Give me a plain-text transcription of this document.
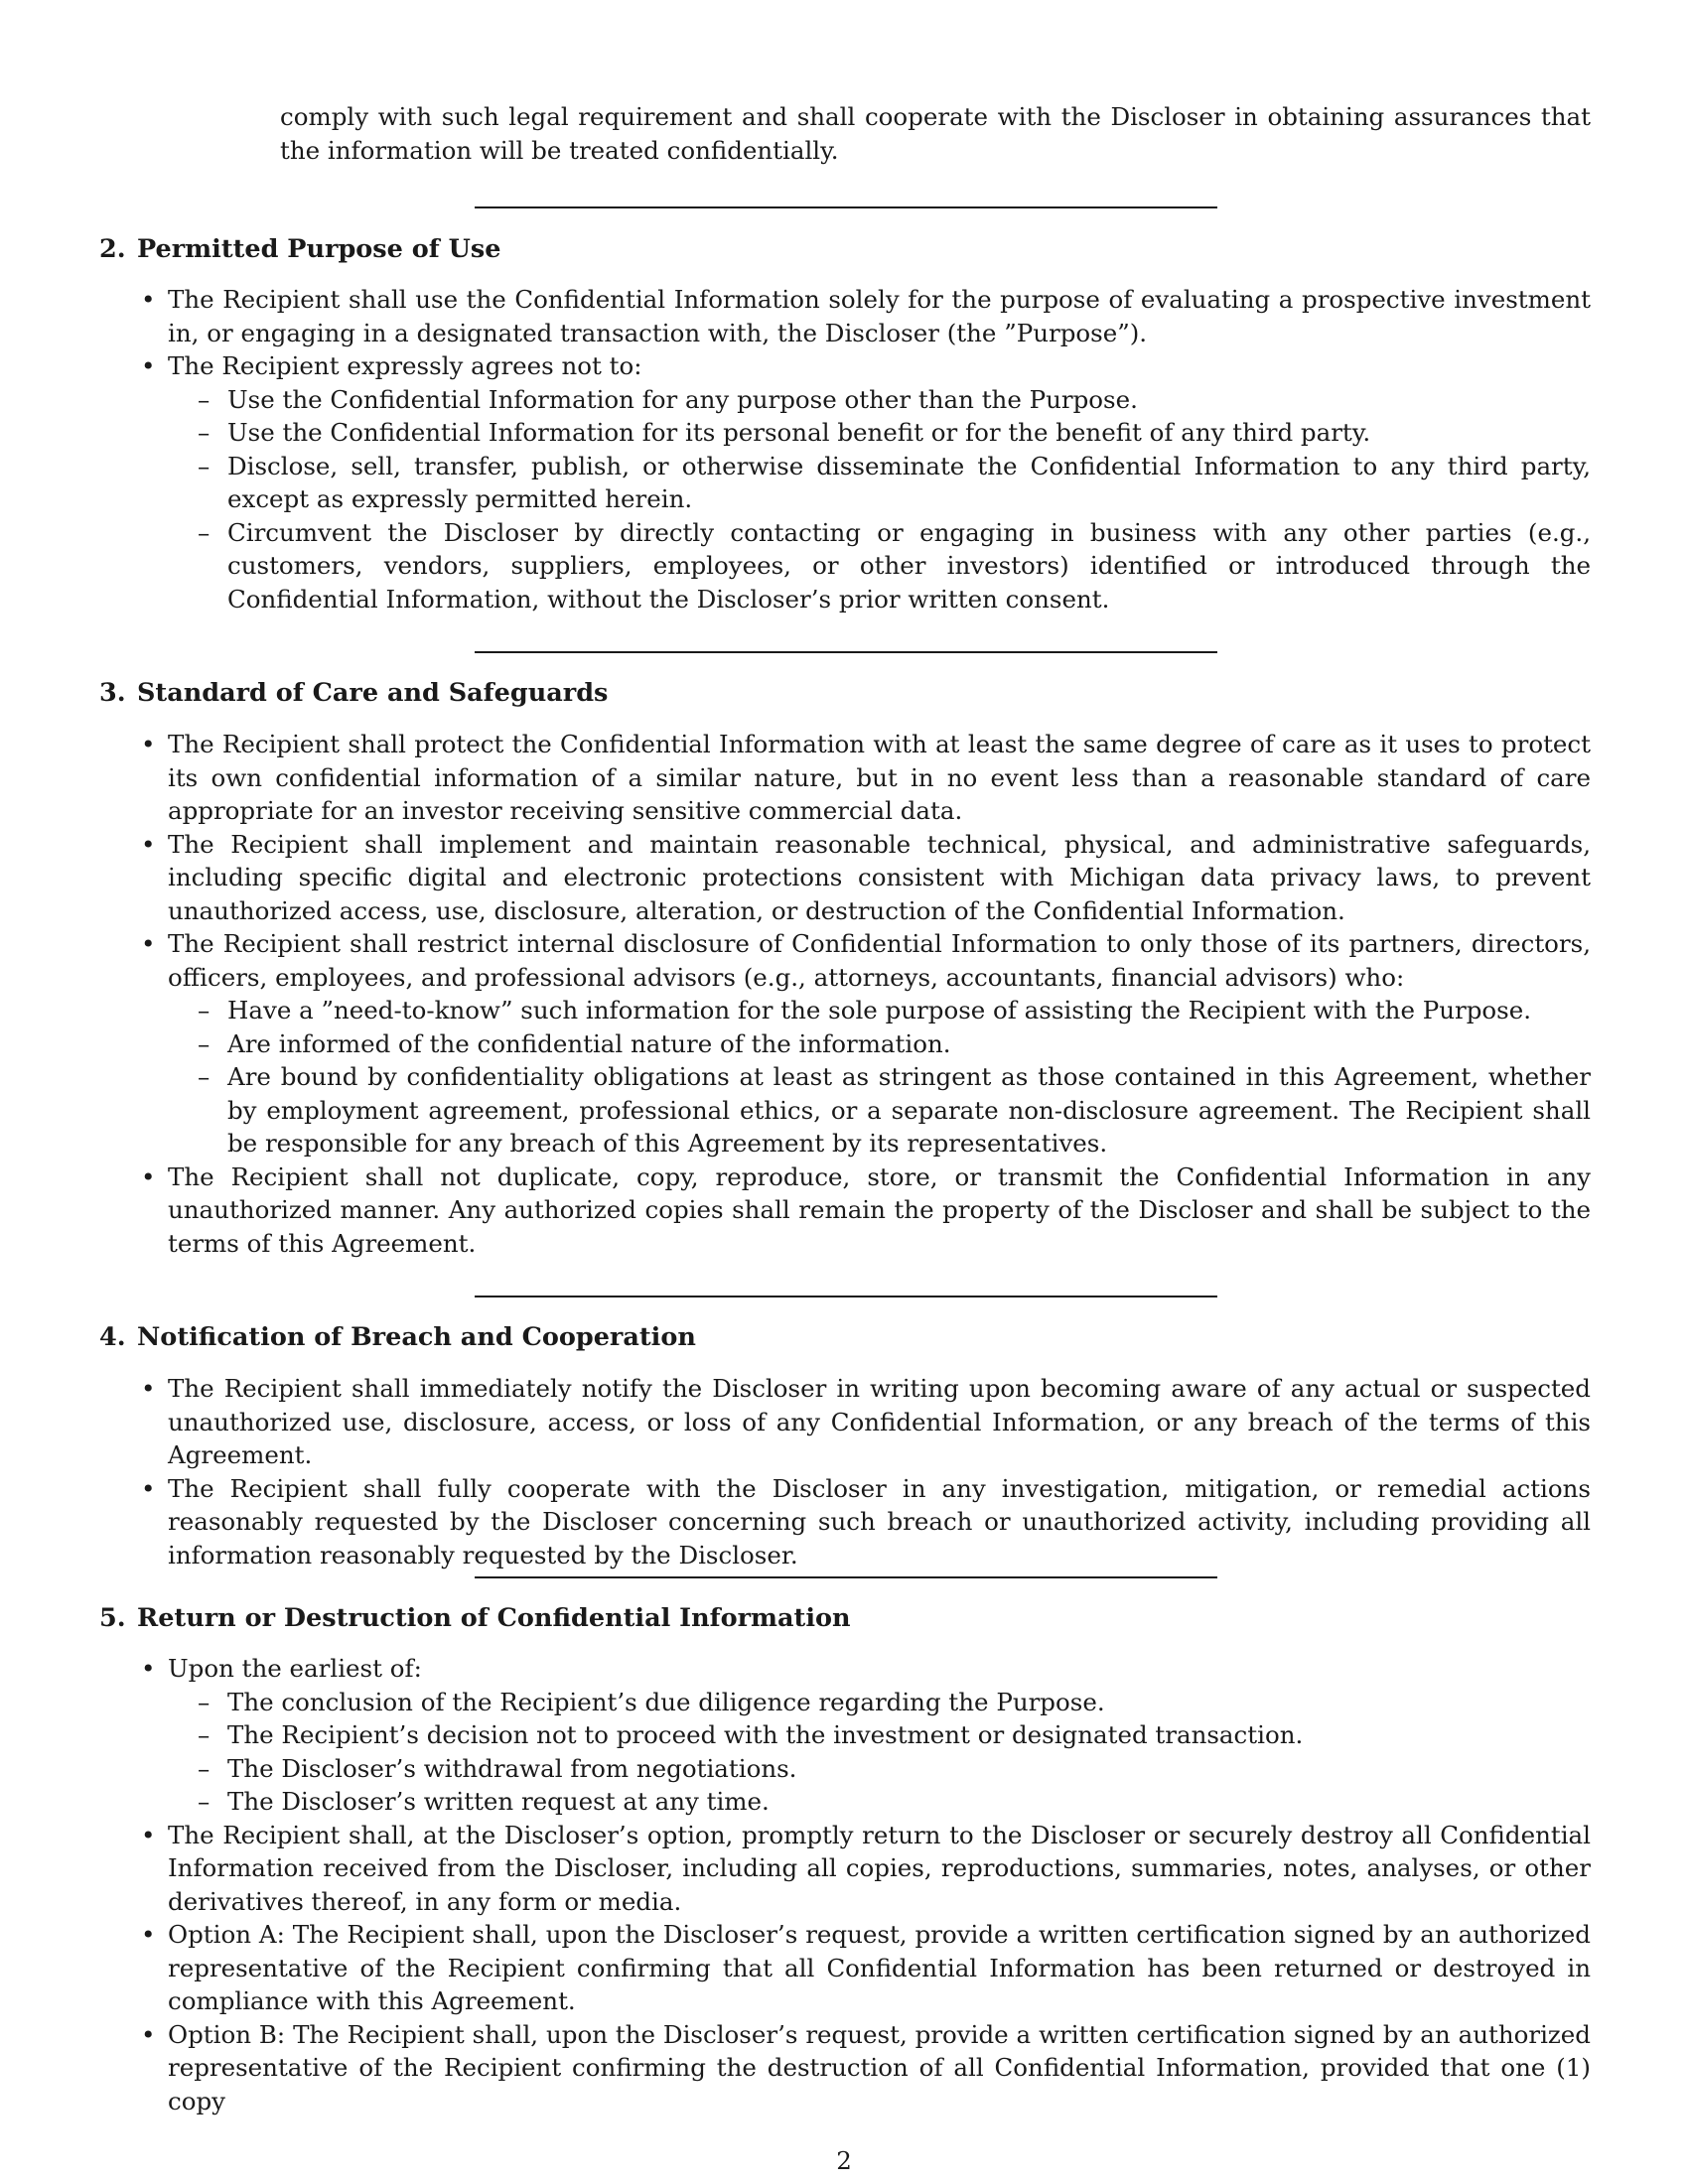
comply with such legal requirement and shall cooperate with the Discloser in obtaining assurances that the information will be treated confidentially.
2. Permitted Purpose of Use
• The Recipient shall use the Confidential Information solely for the purpose of evaluating a prospective investment in, or engaging in a designated transaction with, the Discloser (the ”Purpose”).
• The Recipient expressly agrees not to:
– Use the Confidential Information for any purpose other than the Purpose.
– Use the Confidential Information for its personal benefit or for the benefit of any third party.
– Disclose, sell, transfer, publish, or otherwise disseminate the Confidential Information to any third party, except as expressly permitted herein.
– Circumvent the Discloser by directly contacting or engaging in business with any other parties (e.g., customers, vendors, suppliers, employees, or other investors) identified or introduced through the Confidential Information, without the Discloser’s prior written consent.
3. Standard of Care and Safeguards
• The Recipient shall protect the Confidential Information with at least the same degree of care as it uses to protect its own confidential information of a similar nature, but in no event less than a reasonable standard of care appropriate for an investor receiving sensitive commercial data.
• The Recipient shall implement and maintain reasonable technical, physical, and administrative safeguards, including specific digital and electronic protections consistent with Michigan data privacy laws, to prevent unauthorized access, use, disclosure, alteration, or destruction of the Confidential Information.
• The Recipient shall restrict internal disclosure of Confidential Information to only those of its partners, directors, officers, employees, and professional advisors (e.g., attorneys, accountants, financial advisors) who:
– Have a ”need-to-know” such information for the sole purpose of assisting the Recipient with the Purpose.
– Are informed of the confidential nature of the information.
– Are bound by confidentiality obligations at least as stringent as those contained in this Agreement, whether by employment agreement, professional ethics, or a separate non-disclosure agreement. The Recipient shall be responsible for any breach of this Agreement by its representatives.
• The Recipient shall not duplicate, copy, reproduce, store, or transmit the Confidential Information in any unauthorized manner. Any authorized copies shall remain the property of the Discloser and shall be subject to the terms of this Agreement.
4. Notification of Breach and Cooperation
• The Recipient shall immediately notify the Discloser in writing upon becoming aware of any actual or suspected unauthorized use, disclosure, access, or loss of any Confidential Information, or any breach of the terms of this Agreement.
• The Recipient shall fully cooperate with the Discloser in any investigation, mitigation, or remedial actions reasonably requested by the Discloser concerning such breach or unauthorized activity, including providing all information reasonably requested by the Discloser.
5. Return or Destruction of Confidential Information
• Upon the earliest of:
– The conclusion of the Recipient’s due diligence regarding the Purpose.
– The Recipient’s decision not to proceed with the investment or designated transaction.
– The Discloser’s withdrawal from negotiations.
– The Discloser’s written request at any time.
• The Recipient shall, at the Discloser’s option, promptly return to the Discloser or securely destroy all Confidential Information received from the Discloser, including all copies, reproductions, summaries, notes, analyses, or other derivatives thereof, in any form or media.
• Option A: The Recipient shall, upon the Discloser’s request, provide a written certification signed by an authorized representative of the Recipient confirming that all Confidential Information has been returned or destroyed in compliance with this Agreement.
• Option B: The Recipient shall, upon the Discloser’s request, provide a written certification signed by an authorized representative of the Recipient confirming the destruction of all Confidential Information, provided that one (1) copy
2
